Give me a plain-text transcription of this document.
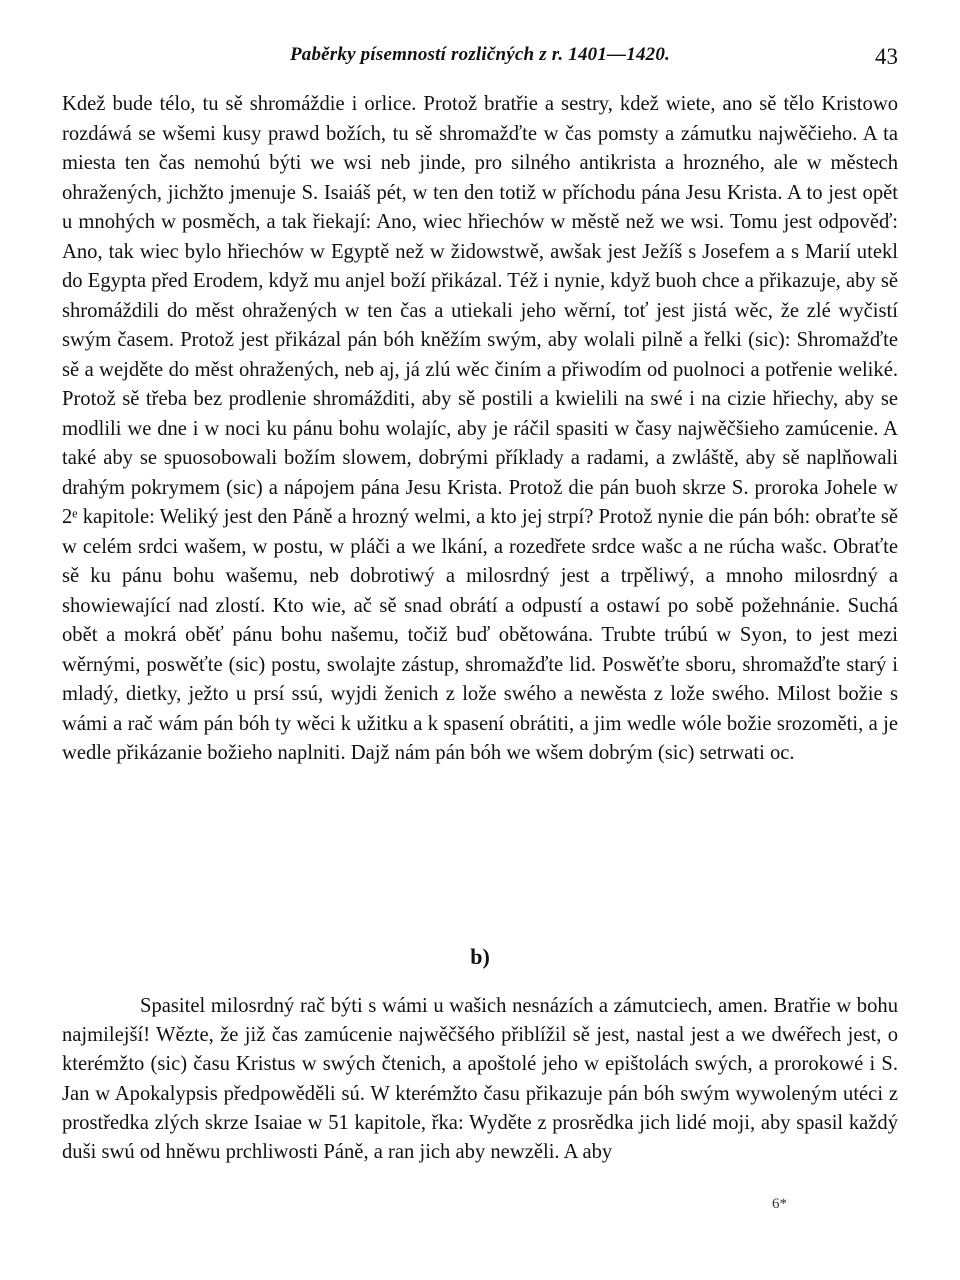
Paběrky písemností rozličných z r. 1401—1420.	43

Kdež bude télo, tu sě shromáždie i orlice. Protož bratřie a sestry, kdež wiete, ano sě tělo Kristowo rozdáwá se wšemi kusy prawd božích, tu sě shromažďte w čas pomsty a zámutku najwěčieho. A ta miesta ten čas nemohú býti we wsi neb jinde, pro silného antikrista a hrozného, ale w městech ohražených, jichžto jmenuje S. Isaiáš pét, w ten den totiž w příchodu pána Jesu Krista. A to jest opět u mnohých w posměch, a tak řiekají: Ano, wiec hřiechów w městě než we wsi. Tomu jest odpověď: Ano, tak wiec bylo hřiechów w Egyptě než w židowstwě, awšak jest Ježíš s Josefem a s Marií utekl do Egypta před Erodem, když mu anjel boží přikázal. Též i nynie, když buoh chce a přikazuje, aby sě shromáždili do měst ohražených w ten čas a utiekali jeho wěrní, toť jest jistá wěc, že zlé wyčistí swým časem. Protož jest přikázal pán bóh kněžím swým, aby wolali pilně a řelki (sic): Shromažďte sě a wejděte do měst ohražených, neb aj, já zlú wěc činím a přiwodím od puolnoci a potřenie weliké. Protož sě třeba bez prodlenie shromážditi, aby sě postili a kwielili na swé i na cizie hřiechy, aby se modlili we dne i w noci ku pánu bohu wolajíc, aby je ráčil spasiti w časy najwěčšieho zamúcenie. A také aby se spuosobowali božím slowem, dobrými příklady a radami, a zwláště, aby sě naplňowali drahým pokrymem (sic) a nápojem pána Jesu Krista. Protož die pán buoh skrze S. proroka Johele w 2ᵉ kapitole: Weliký jest den Páně a hrozný welmi, a kto jej strpí? Protož nynie die pán bóh: obraťte sě w celém srdci wašem, w postu, w pláči a we lkání, a rozedřete srdce wašc a ne rúcha wašc. Obraťte sě ku pánu bohu wašemu, neb dobrotiwý a milosrdný jest a trpěliwý, a mnoho milosrdný a showiewající nad zlostí. Kto wie, ač sě snad obrátí a odpustí a ostawí po sobě požehnánie. Suchá obět a mokrá oběť pánu bohu našemu, točiž buď obětowána. Trubte trúbú w Syon, to jest mezi wěrnými, poswěťte (sic) postu, swolajte zástup, shromažďte lid. Poswěťte sboru, shromažďte starý i mladý, dietky, ježto u prsí ssú, wyjdi ženich z lože swého a newěsta z lože swého. Milost božie s wámi a rač wám pán bóh ty wěci k užitku a k spasení obrátiti, a jim wedle wóle božie srozoměti, a je wedle přikázanie božieho naplniti. Dajž nám pán bóh we wšem dobrým (sic) setrwati oc.

b)

Spasitel milosrdný rač býti s wámi u wašich nesnázích a zámutciech, amen. Bratřie w bohu najmilejší! Wězte, že již čas zamúcenie najwěčšého přiblížil sě jest, nastal jest a we dwéřech jest, o kterémžto (sic) času Kristus w swých čtenich, a apoštolé jeho w epištolách swých, a prorokowé i S. Jan w Apokalypsis předpowěděli sú. W kterémžto času přikazuje pán bóh swým wywoleným utéci z prostředka zlých skrze Isaiae w 51 kapitole, řka: Wyděte z prosrědka jich lidé moji, aby spasil každý duši swú od hněwu prchliwosti Páně, a ran jich aby newzěli. A aby

6*
